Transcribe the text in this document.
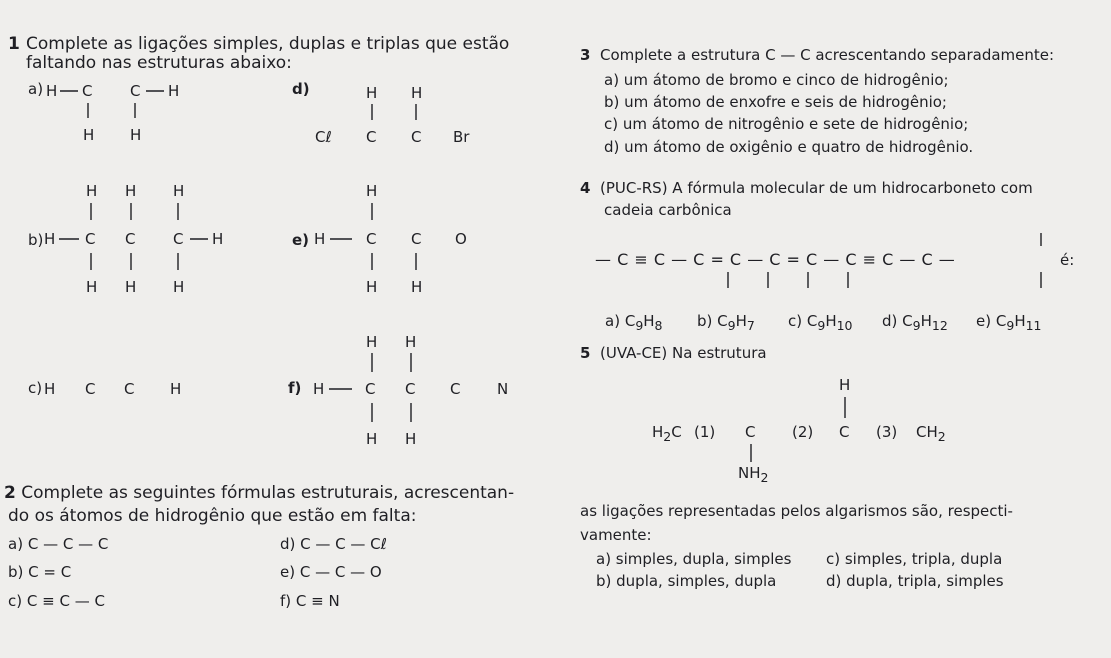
1 Complete as ligações simples, duplas e triplas que estão
faltando nas estruturas abaixo:
a)	d)
b)	e)
c)	f)
H C	C H
H H
H H
Cℓ C C Br
H H H
H C C	C H
H H H
H
H	C C O
H H
H C C H
H H
H	C C C N
H H
2 Complete as seguintes fórmulas estruturais, acrescentan-
do os átomos de hidrogênio que estão em falta:
a) C — C — C
b) C = C
c) C ≡ C — C
d) C — C — Cℓ
e) C — C — O
f) C ≡ N
3 Complete a estrutura C — C acrescentando separadamente:
a) um átomo de bromo e cinco de hidrogênio;
b) um átomo de enxofre e seis de hidrogênio;
c) um átomo de nitrogênio e sete de hidrogênio;
d) um átomo de oxigênio e quatro de hidrogênio.
4 (PUC-RS) A fórmula molecular de um hidrocarboneto com
cadeia carbônica
— C ≡ C — C = C — C = C — C ≡ C — C —	é:
a) $C_9H_8$ b) $C_9H_7$ c) $C_9H_{10}$ d) $C_9H_{12}$ e) $C_9H_{11}$
5 (UVA-CE) Na estrutura
$H_2C$ (1) C (2) C (3) $CH_2$
H
$NH_2$
as ligações representadas pelos algarismos são, respecti-
vamente:
a) simples, dupla, simples
b) dupla, simples, dupla
c) simples, tripla, dupla
d) dupla, tripla, simples
